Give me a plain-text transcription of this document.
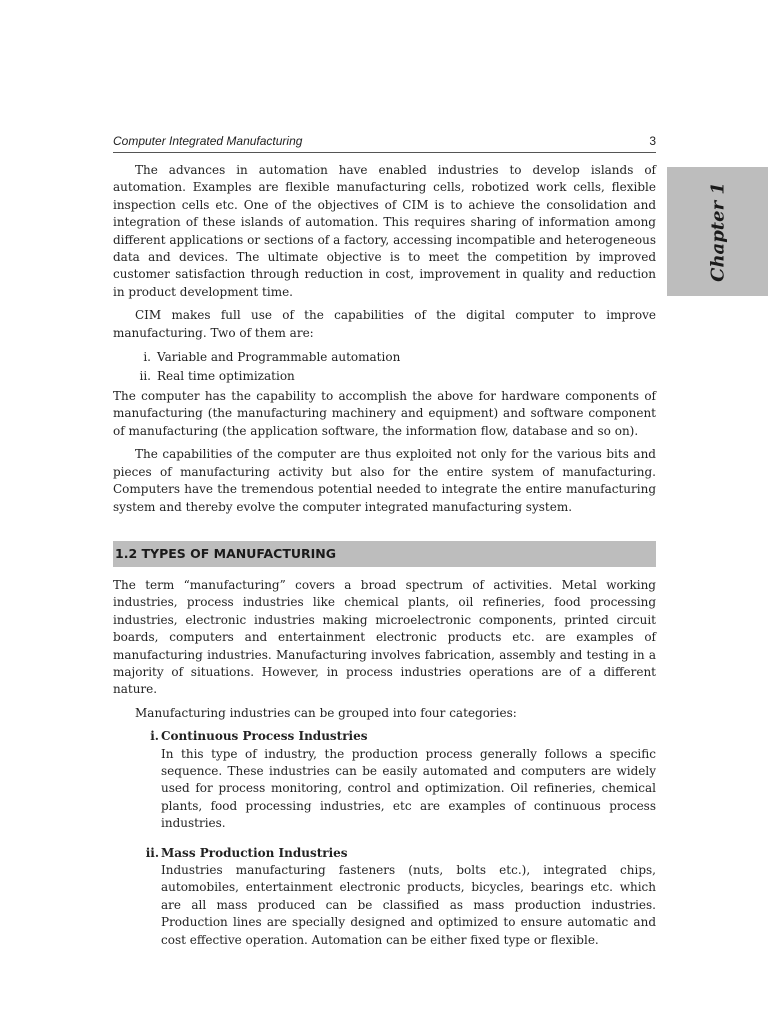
Computer Integrated Manufacturing	3
Chapter 1

The advances in automation have enabled industries to develop islands of automation. Examples are flexible manufacturing cells, robotized work cells, flexible inspection cells etc. One of the objectives of CIM is to achieve the consolidation and integration of these islands of automation. This requires sharing of information among different applications or sections of a factory, accessing incompatible and heterogeneous data and devices. The ultimate objective is to meet the competition by improved customer satisfaction through reduction in cost, improvement in quality and reduction in product development time.

CIM makes full use of the capabilities of the digital computer to improve manufacturing. Two of them are:

i. Variable and Programmable automation
ii. Real time optimization

The computer has the capability to accomplish the above for hardware components of manufacturing (the manufacturing machinery and equipment) and software component of manufacturing (the application software, the information flow, database and so on).

The capabilities of the computer are thus exploited not only for the various bits and pieces of manufacturing activity but also for the entire system of manufacturing. Computers have the tremendous potential needed to integrate the entire manufacturing system and thereby evolve the computer integrated manufacturing system.

1.2 TYPES OF MANUFACTURING

The term “manufacturing” covers a broad spectrum of activities. Metal working industries, process industries like chemical plants, oil refineries, food processing industries, electronic industries making microelectronic components, printed circuit boards, computers and entertainment electronic products etc. are examples of manufacturing industries. Manufacturing involves fabrication, assembly and testing in a majority of situations. However, in process industries operations are of a different nature.

Manufacturing industries can be grouped into four categories:

i. Continuous Process Industries
In this type of industry, the production process generally follows a specific sequence. These industries can be easily automated and computers are widely used for process monitoring, control and optimization. Oil refineries, chemical plants, food processing industries, etc are examples of continuous process industries.
ii. Mass Production Industries
Industries manufacturing fasteners (nuts, bolts etc.), integrated chips, automobiles, entertainment electronic products, bicycles, bearings etc. which are all mass produced can be classified as mass production industries. Production lines are specially designed and optimized to ensure automatic and cost effective operation. Automation can be either fixed type or flexible.
